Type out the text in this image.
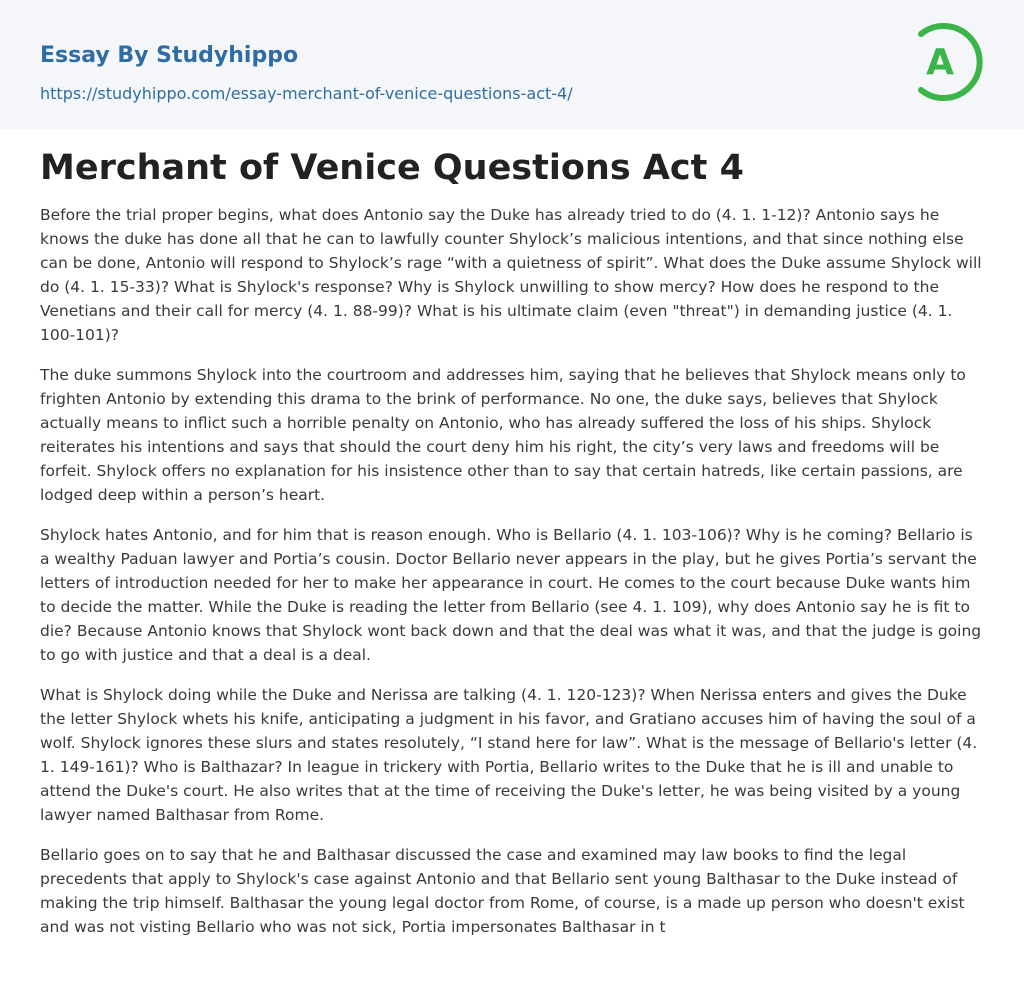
Essay By Studyhippo
https://studyhippo.com/essay-merchant-of-venice-questions-act-4/
A
Merchant of Venice Questions Act 4

Before the trial proper begins, what does Antonio say the Duke has already tried to do (4. 1. 1-12)? Antonio says he knows the duke has done all that he can to lawfully counter Shylock’s malicious intentions, and that since nothing else can be done, Antonio will respond to Shylock’s rage “with a quietness of spirit”. What does the Duke assume Shylock will do (4. 1. 15-33)? What is Shylock's response? Why is Shylock unwilling to show mercy? How does he respond to the Venetians and their call for mercy (4. 1. 88-99)? What is his ultimate claim (even "threat") in demanding justice (4. 1. 100-101)?

The duke summons Shylock into the courtroom and addresses him, saying that he believes that Shylock means only to frighten Antonio by extending this drama to the brink of performance. No one, the duke says, believes that Shylock actually means to inflict such a horrible penalty on Antonio, who has already suffered the loss of his ships. Shylock reiterates his intentions and says that should the court deny him his right, the city’s very laws and freedoms will be forfeit. Shylock offers no explanation for his insistence other than to say that certain hatreds, like certain passions, are lodged deep within a person’s heart.

Shylock hates Antonio, and for him that is reason enough. Who is Bellario (4. 1. 103-106)? Why is he coming? Bellario is a wealthy Paduan lawyer and Portia’s cousin. Doctor Bellario never appears in the play, but he gives Portia’s servant the letters of introduction needed for her to make her appearance in court. He comes to the court because Duke wants him to decide the matter. While the Duke is reading the letter from Bellario (see 4. 1. 109), why does Antonio say he is fit to die? Because Antonio knows that Shylock wont back down and that the deal was what it was, and that the judge is going to go with justice and that a deal is a deal.

What is Shylock doing while the Duke and Nerissa are talking (4. 1. 120-123)? When Nerissa enters and gives the Duke the letter Shylock whets his knife, anticipating a judgment in his favor, and Gratiano accuses him of having the soul of a wolf. Shylock ignores these slurs and states resolutely, “I stand here for law”. What is the message of Bellario's letter (4. 1. 149-161)? Who is Balthazar? In league in trickery with Portia, Bellario writes to the Duke that he is ill and unable to attend the Duke's court. He also writes that at the time of receiving the Duke's letter, he was being visited by a young lawyer named Balthasar from Rome.

Bellario goes on to say that he and Balthasar discussed the case and examined may law books to find the legal precedents that apply to Shylock's case against Antonio and that Bellario sent young Balthasar to the Duke instead of making the trip himself. Balthasar the young legal doctor from Rome, of course, is a made up person who doesn't exist and was not visting Bellario who was not sick, Portia impersonates Balthasar in t
